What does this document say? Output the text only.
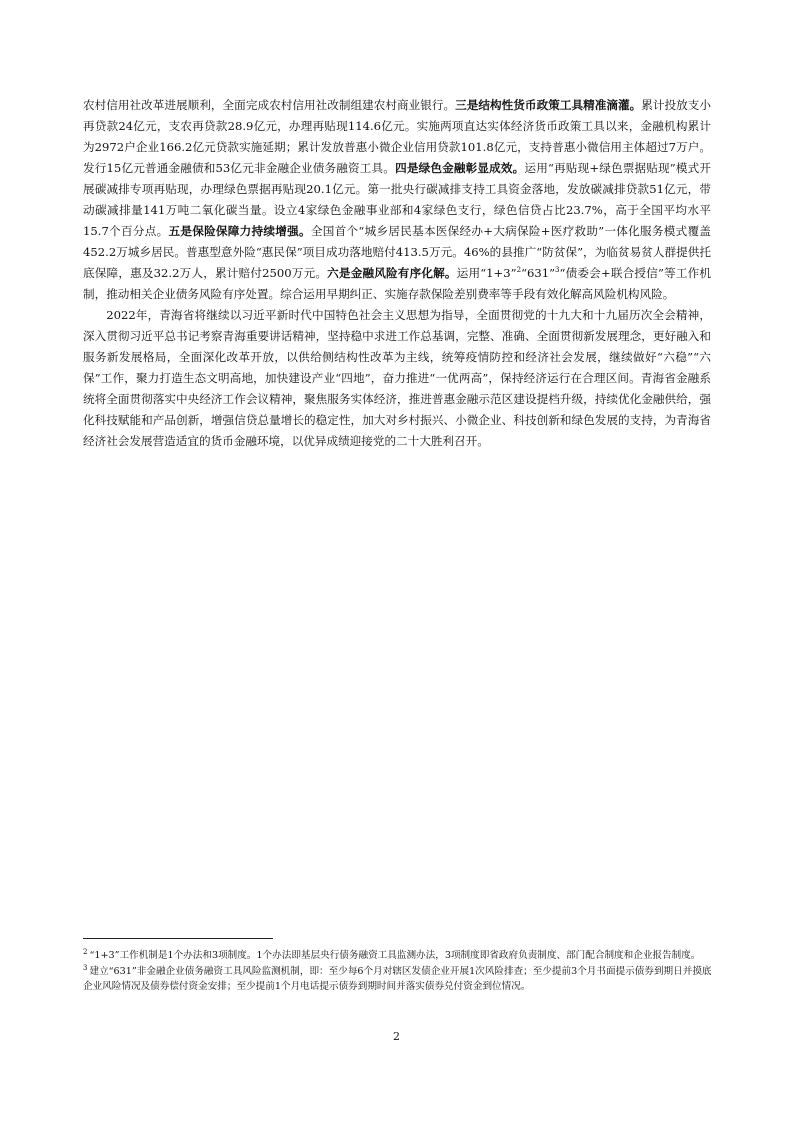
农村信用社改革进展顺利，全面完成农村信用社改制组建农村商业银行。三是结构性货币政策工具精准滴灌。累计投放支小再贷款24亿元，支农再贷款28.9亿元，办理再贴现114.6亿元。实施两项直达实体经济货币政策工具以来，金融机构累计为2972户企业166.2亿元贷款实施延期；累计发放普惠小微企业信用贷款101.8亿元，支持普惠小微信用主体超过7万户。发行15亿元普通金融债和53亿元非金融企业债务融资工具。四是绿色金融彰显成效。运用“再贴现+绿色票据贴现”模式开展碳减排专项再贴现，办理绿色票据再贴现20.1亿元。第一批央行碳减排支持工具资金落地，发放碳减排贷款51亿元，带动碳减排量141万吨二氧化碳当量。设立4家绿色金融事业部和4家绿色支行，绿色信贷占比23.7%，高于全国平均水平15.7个百分点。五是保险保障力持续增强。全国首个“城乡居民基本医保经办+大病保险+医疗救助”一体化服务模式覆盖452.2万城乡居民。普惠型意外险“惠民保”项目成功落地赔付413.5万元。46%的县推广“防贫保”，为临贫易贫人群提供托底保障，惠及32.2万人，累计赔付2500万元。六是金融风险有序化解。运用“1+3”$^2$“631”$^3$“债委会+联合授信”等工作机制，推动相关企业债务风险有序处置。综合运用早期纠正、实施存款保险差别费率等手段有效化解高风险机构风险。

2022年，青海省将继续以习近平新时代中国特色社会主义思想为指导，全面贯彻党的十九大和十九届历次全会精神，深入贯彻习近平总书记考察青海重要讲话精神，坚持稳中求进工作总基调，完整、准确、全面贯彻新发展理念，更好融入和服务新发展格局，全面深化改革开放，以供给侧结构性改革为主线，统筹疫情防控和经济社会发展，继续做好“六稳”“六保”工作，聚力打造生态文明高地，加快建设产业“四地”，奋力推进“一优两高”，保持经济运行在合理区间。青海省金融系统将全面贯彻落实中央经济工作会议精神，聚焦服务实体经济，推进普惠金融示范区建设提档升级，持续优化金融供给，强化科技赋能和产品创新，增强信贷总量增长的稳定性，加大对乡村振兴、小微企业、科技创新和绿色发展的支持，为青海省经济社会发展营造适宜的货币金融环境，以优异成绩迎接党的二十大胜利召开。

$^2$ “1+3”工作机制是1个办法和3项制度。1个办法即基层央行债务融资工具监测办法，3项制度即省政府负责制度、部门配合制度和企业报告制度。

$^3$ 建立“631”非金融企业债务融资工具风险监测机制，即：至少每6个月对辖区发债企业开展1次风险排查；至少提前3个月书面提示债券到期日并摸底企业风险情况及债券偿付资金安排；至少提前1个月电话提示债券到期时间并落实债券兑付资金到位情况。

2
